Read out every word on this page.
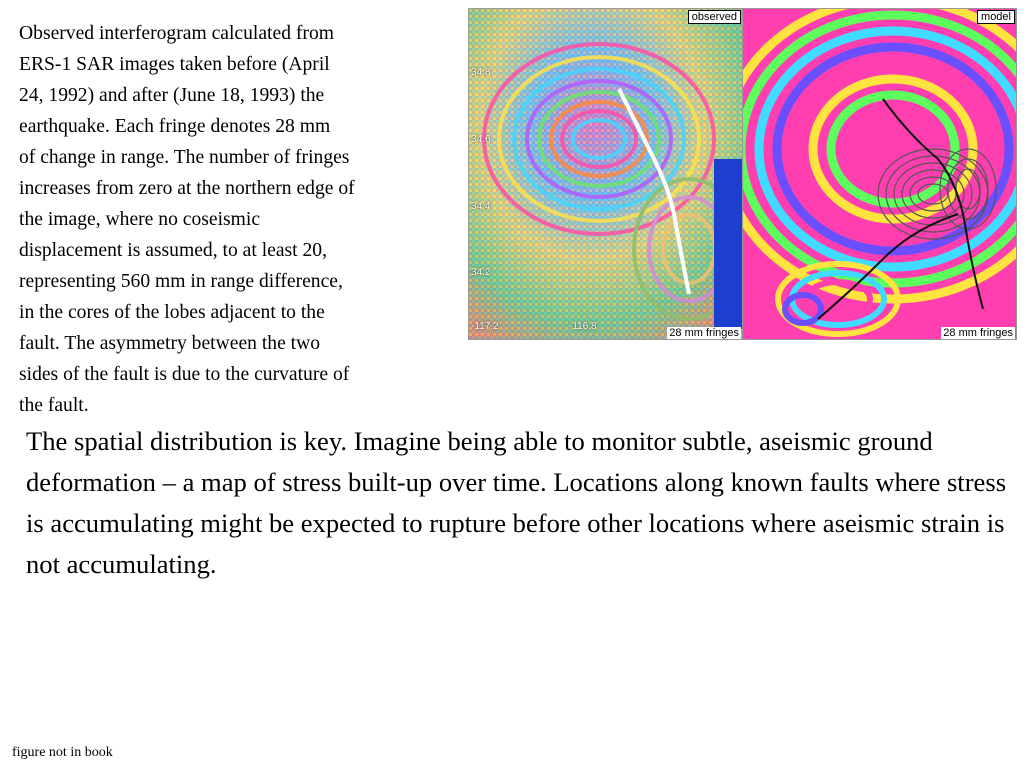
Observed interferogram calculated from
ERS-1 SAR images taken before (April
24, 1992) and after (June 18, 1993) the
earthquake. Each fringe denotes 28 mm
of change in range. The number of fringes
increases from zero at the northern edge of
the image, where no coseismic
displacement is assumed, to at least 20,
representing 560 mm in range difference,
in the cores of the lobes adjacent to the
fault. The asymmetry between the two
sides of the fault is due to the curvature of
the fault.

34.8
34.6
34.4
34.2
-117.2	-116.8
observed
28 mm fringes
model
28 mm fringes

The spatial distribution is key. Imagine being able to monitor subtle, aseismic ground deformation – a map of stress built-up over time. Locations along known faults where stress is accumulating might be expected to rupture before other locations where aseismic strain is not accumulating.

figure not in book
